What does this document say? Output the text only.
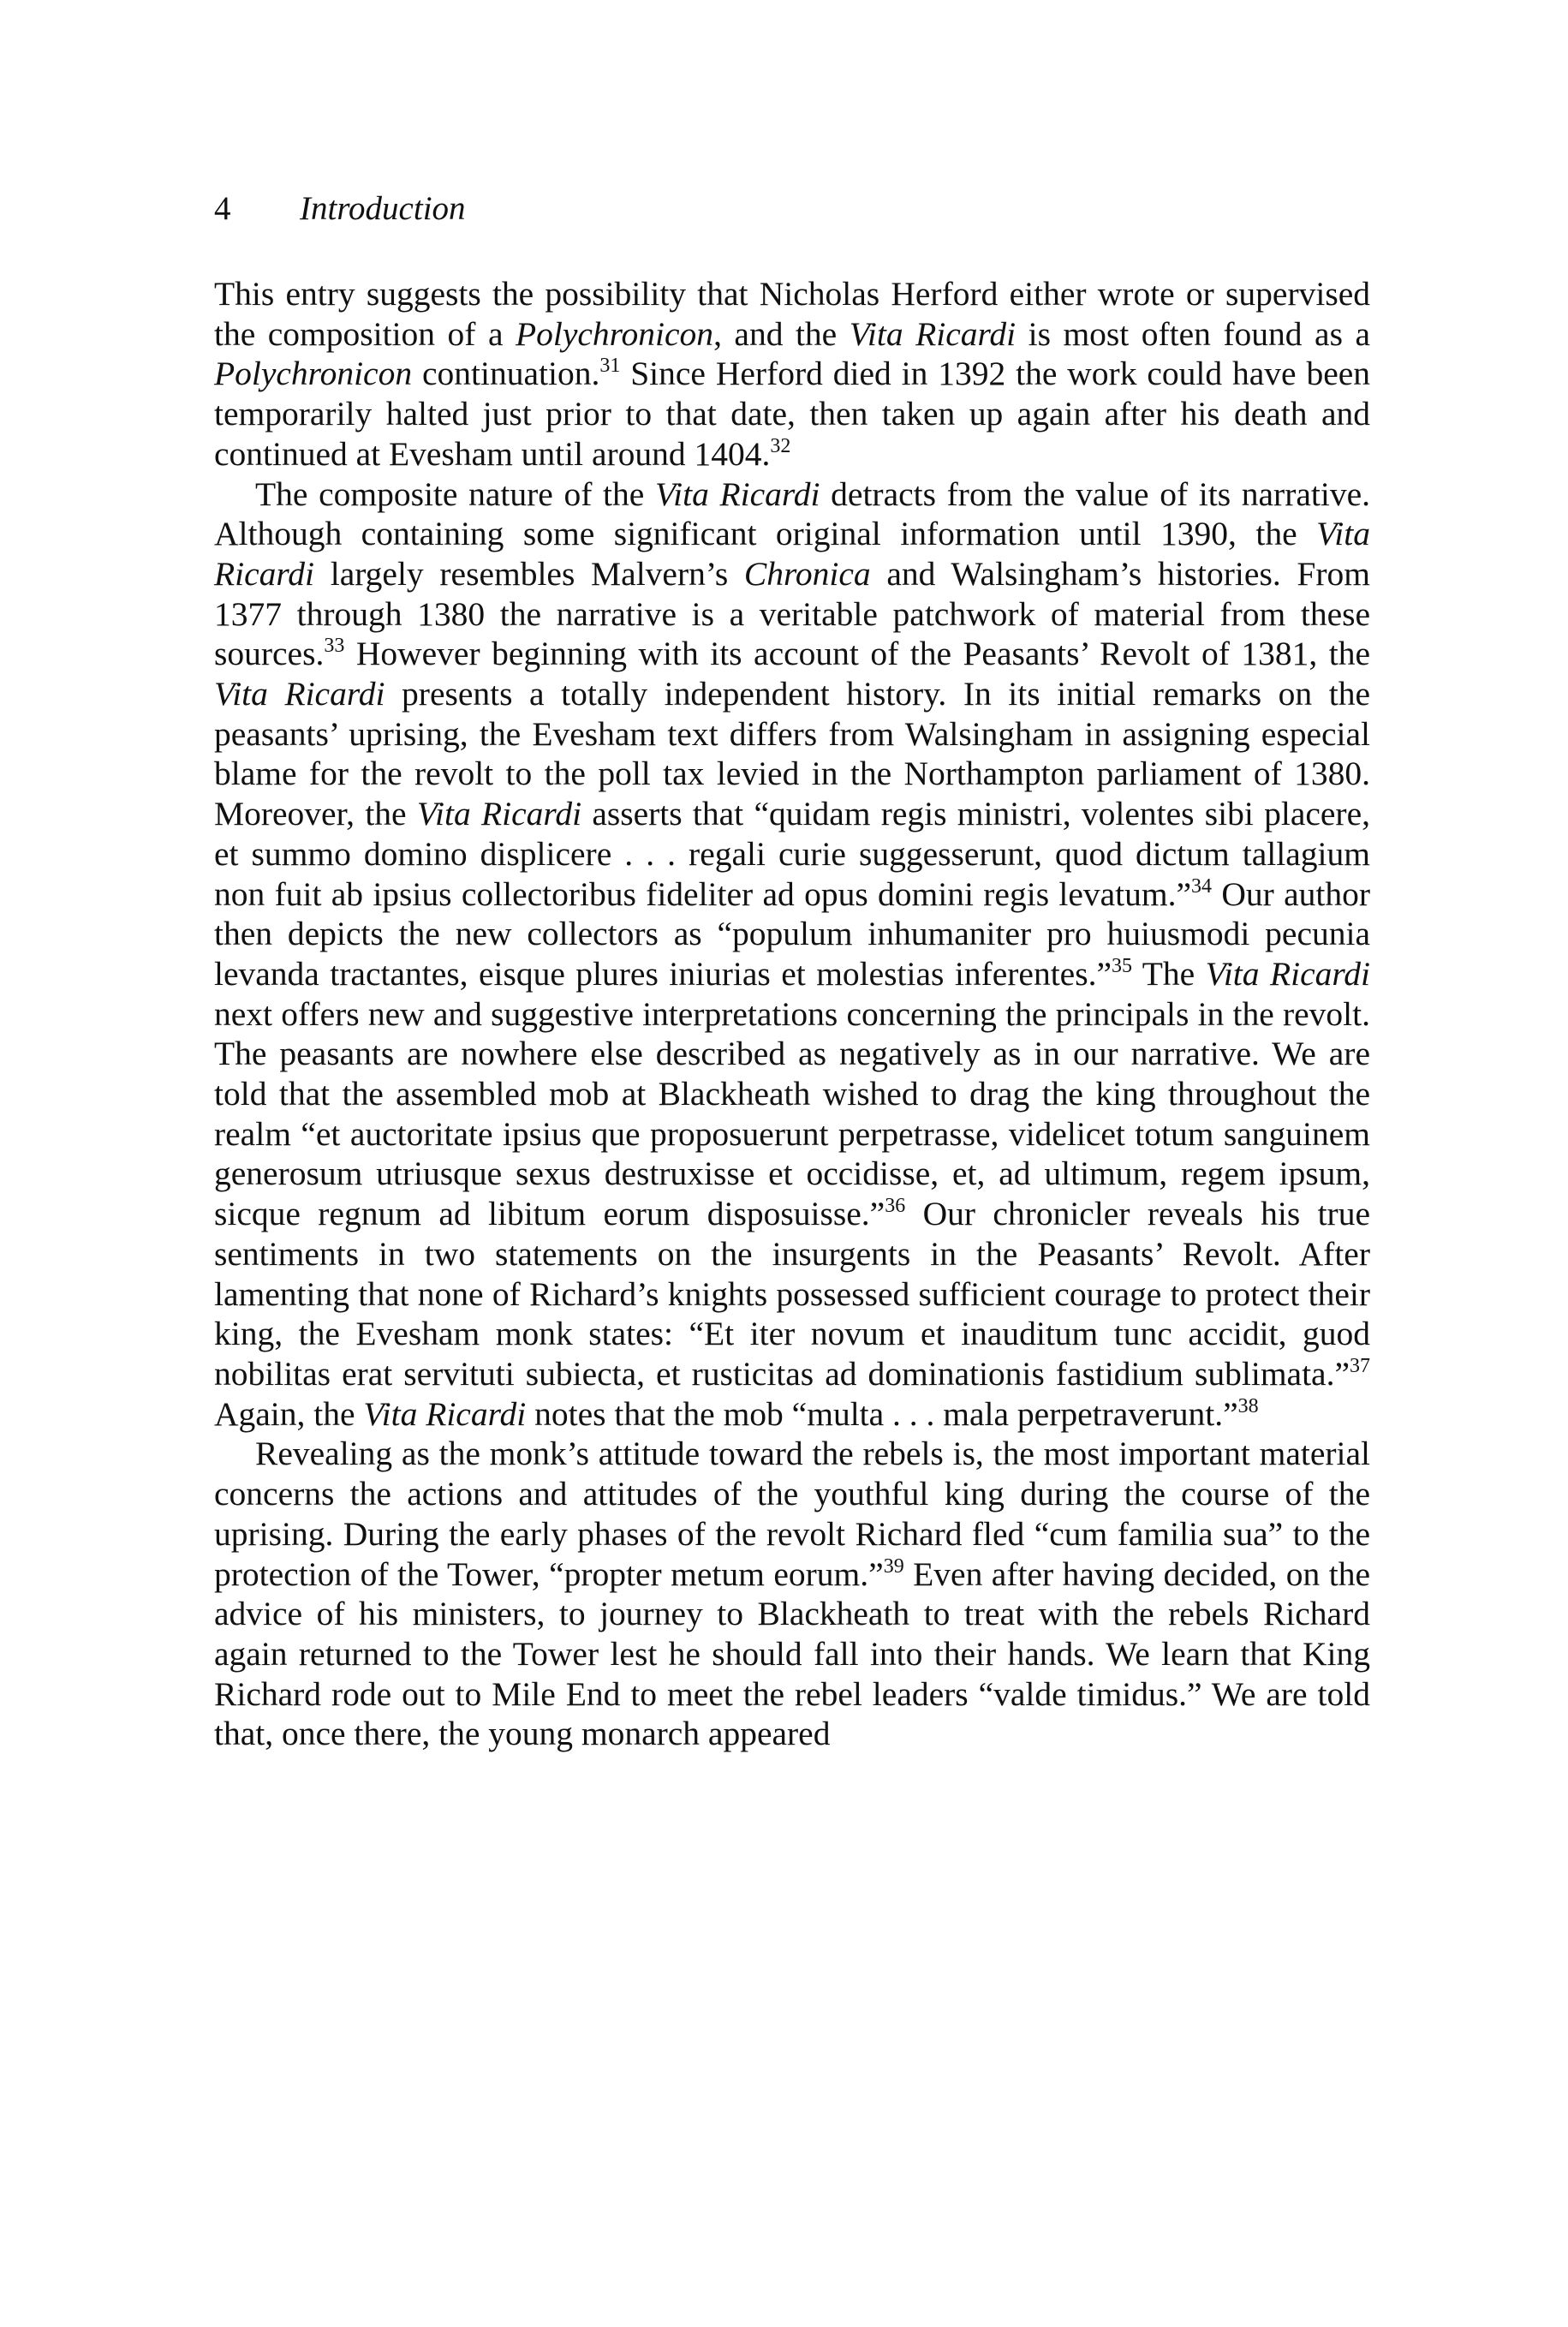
4 Introduction

This entry suggests the possibility that Nicholas Herford either wrote or supervised the composition of a Polychronicon, and the Vita Ricardi is most often found as a Polychronicon continuation.$^{31}$ Since Herford died in 1392 the work could have been temporarily halted just prior to that date, then taken up again after his death and continued at Evesham until around 1404.32

The composite nature of the Vita Ricardi detracts from the value of its narrative. Although containing some significant original information until 1390, the Vita Ricardi largely resembles Malvern’s Chronica and Walsingham’s histories. From 1377 through 1380 the narrative is a veritable patchwork of material from these sources.$^{33}$ However beginning with its account of the Peasants’ Revolt of 1381, the Vita Ricardi presents a totally independent history. In its initial remarks on the peasants’ uprising, the Evesham text differs from Walsingham in assigning especial blame for the revolt to the poll tax levied in the Northampton parliament of 1380. Moreover, the Vita Ricardi asserts that “quidam regis ministri, volentes sibi placere, et summo domino displicere . . . regali curie suggesserunt, quod dictum tallagium non fuit ab ipsius collectoribus fideliter ad opus domini regis levatum.”$^{34}$ Our author then depicts the new collectors as “populum inhumaniter pro huiusmodi pecunia levanda tractantes, eisque plures iniurias et molestias inferentes.”$^{35}$ The Vita Ricardi next offers new and suggestive interpretations concerning the principals in the revolt. The peasants are nowhere else described as negatively as in our narrative. We are told that the assembled mob at Blackheath wished to drag the king throughout the realm “et auctoritate ipsius que proposuerunt perpetrasse, videlicet totum sanguinem generosum utriusque sexus destruxisse et occidisse, et, ad ultimum, regem ipsum, sicque regnum ad libitum eorum disposuisse.”$^{36}$ Our chronicler reveals his true sentiments in two statements on the insurgents in the Peasants’ Revolt. After lamenting that none of Richard’s knights possessed sufficient courage to protect their king, the Evesham monk states: “Et iter novum et inauditum tunc accidit, guod nobilitas erat servituti subiecta, et rusticitas ad dominationis fastidium sublimata.”$^{37}$ Again, the Vita Ricardi notes that the mob “multa . . . mala perpetraverunt.”$^{38}$

Revealing as the monk’s attitude toward the rebels is, the most important material concerns the actions and attitudes of the youthful king during the course of the uprising. During the early phases of the revolt Richard fled “cum familia sua” to the protection of the Tower, “propter metum eorum.”$^{39}$ Even after having decided, on the advice of his ministers, to journey to Blackheath to treat with the rebels Richard again returned to the Tower lest he should fall into their hands. We learn that King Richard rode out to Mile End to meet the rebel leaders “valde timidus.” We are told that, once there, the young monarch appeared
